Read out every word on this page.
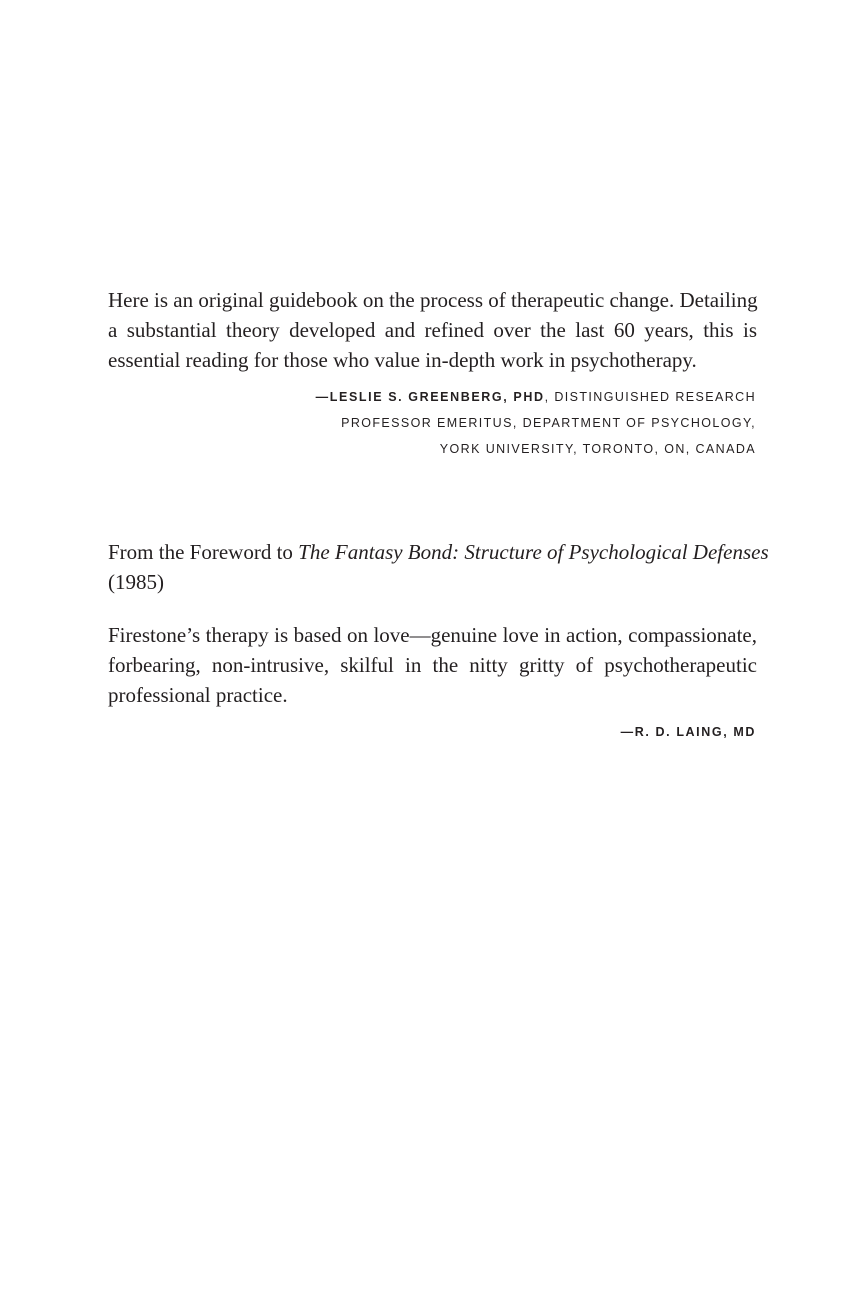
Here is an original guidebook on the process of therapeutic change. Detailing
a substantial theory developed and refined over the last 60 years, this is
essential reading for those who value in-depth work in psychotherapy.
—LESLIE S. GREENBERG, PHD, DISTINGUISHED RESEARCH
PROFESSOR EMERITUS, DEPARTMENT OF PSYCHOLOGY,
YORK UNIVERSITY, TORONTO, ON, CANADA
From the Foreword to The Fantasy Bond: Structure of Psychological Defenses
(1985)
Firestone’s therapy is based on love—genuine love in action, compassionate,
forbearing, non-intrusive, skilful in the nitty gritty of psychotherapeutic
professional practice.
—R. D. LAING, MD
